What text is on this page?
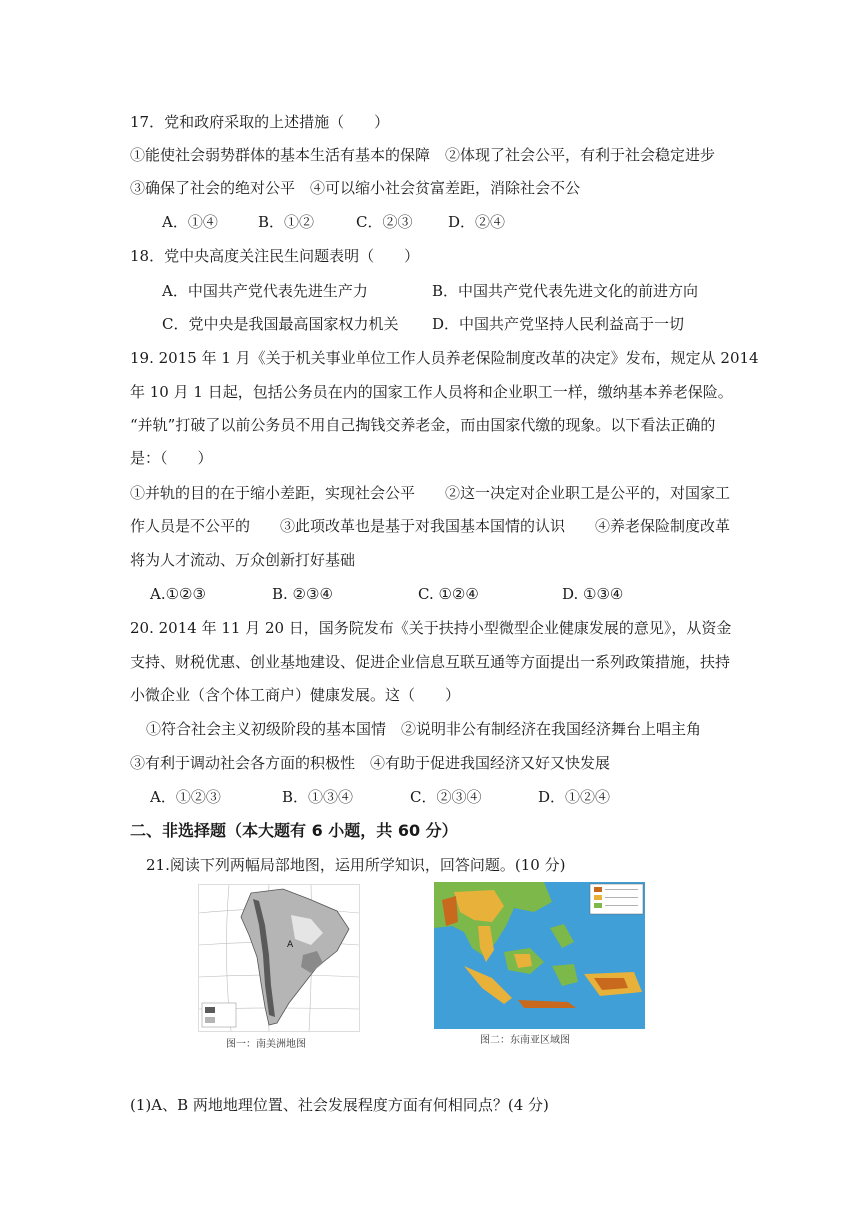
17．党和政府采取的上述措施（　　）
①能使社会弱势群体的基本生活有基本的保障　②体现了社会公平，有利于社会稳定进步
③确保了社会的绝对公平　④可以缩小社会贫富差距，消除社会不公
A．①④	B．①②	C．②③ D．②④
18．党中央高度关注民生问题表明（　　）
A．中国共产党代表先进生产力	B．中国共产党代表先进文化的前进方向
C．党中央是我国最高国家权力机关 D．中国共产党坚持人民利益高于一切
19. 2015 年 1 月《关于机关事业单位工作人员养老保险制度改革的决定》发布，规定从 2014
年 10 月 1 日起，包括公务员在内的国家工作人员将和企业职工一样，缴纳基本养老保险。
“并轨”打破了以前公务员不用自己掏钱交养老金，而由国家代缴的现象。以下看法正确的
是：（　　）
①并轨的目的在于缩小差距，实现社会公平　　②这一决定对企业职工是公平的，对国家工
作人员是不公平的　　③此项改革也是基于对我国基本国情的认识　　④养老保险制度改革
将为人才流动、万众创新打好基础
A.①②③	B. ②③④	C. ①②④	D. ①③④
20. 2014 年 11 月 20 日，国务院发布《关于扶持小型微型企业健康发展的意见》，从资金
支持、财税优惠、创业基地建设、促进企业信息互联互通等方面提出一系列政策措施，扶持
小微企业（含个体工商户）健康发展。这（　　）
①符合社会主义初级阶段的基本国情　②说明非公有制经济在我国经济舞台上唱主角
③有利于调动社会各方面的积极性　④有助于促进我国经济又好又快发展
A．①②③	B．①③④	C．②③④	D．①②④
二、非选择题（本大题有 6 小题，共 60 分）
21.阅读下列两幅局部地图，运用所学知识，回答问题。(10 分)
A
图一：南美洲地图	图二：东南亚区域图
(1)A、B 两地地理位置、社会发展程度方面有何相同点？(4 分)
